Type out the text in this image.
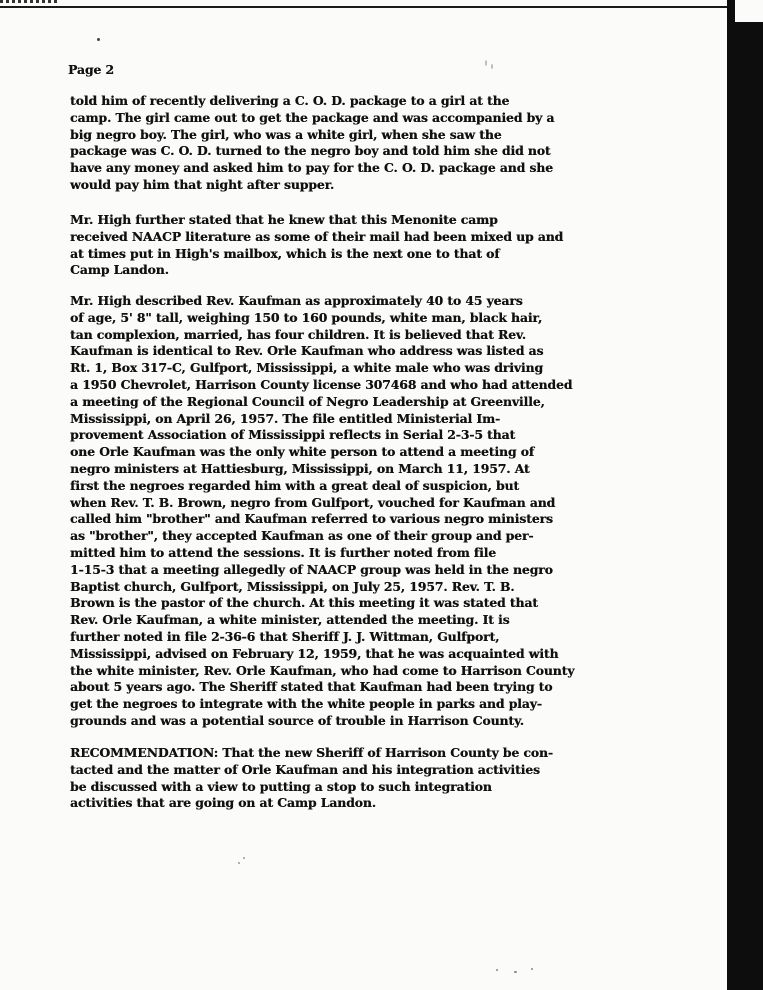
Page 2

told him of recently delivering a C. O. D. package to a girl at the
camp. The girl came out to get the package and was accompanied by a
big negro boy. The girl, who was a white girl, when she saw the
package was C. O. D. turned to the negro boy and told him she did not
have any money and asked him to pay for the C. O. D. package and she
would pay him that night after supper.

Mr. High further stated that he knew that this Menonite camp
received NAACP literature as some of their mail had been mixed up and
at times put in High's mailbox, which is the next one to that of
Camp Landon.

Mr. High described Rev. Kaufman as approximately 40 to 45 years
of age, 5' 8" tall, weighing 150 to 160 pounds, white man, black hair,
tan complexion, married, has four children. It is believed that Rev.
Kaufman is identical to Rev. Orle Kaufman who address was listed as
Rt. 1, Box 317-C, Gulfport, Mississippi, a white male who was driving
a 1950 Chevrolet, Harrison County license 307468 and who had attended
a meeting of the Regional Council of Negro Leadership at Greenville,
Mississippi, on April 26, 1957. The file entitled Ministerial Im-
provement Association of Mississippi reflects in Serial 2-3-5 that
one Orle Kaufman was the only white person to attend a meeting of
negro ministers at Hattiesburg, Mississippi, on March 11, 1957. At
first the negroes regarded him with a great deal of suspicion, but
when Rev. T. B. Brown, negro from Gulfport, vouched for Kaufman and
called him "brother" and Kaufman referred to various negro ministers
as "brother", they accepted Kaufman as one of their group and per-
mitted him to attend the sessions. It is further noted from file
1-15-3 that a meeting allegedly of NAACP group was held in the negro
Baptist church, Gulfport, Mississippi, on July 25, 1957. Rev. T. B.
Brown is the pastor of the church. At this meeting it was stated that
Rev. Orle Kaufman, a white minister, attended the meeting. It is
further noted in file 2-36-6 that Sheriff J. J. Wittman, Gulfport,
Mississippi, advised on February 12, 1959, that he was acquainted with
the white minister, Rev. Orle Kaufman, who had come to Harrison County
about 5 years ago. The Sheriff stated that Kaufman had been trying to
get the negroes to integrate with the white people in parks and play-
grounds and was a potential source of trouble in Harrison County.

RECOMMENDATION: That the new Sheriff of Harrison County be con-
tacted and the matter of Orle Kaufman and his integration activities
be discussed with a view to putting a stop to such integration
activities that are going on at Camp Landon.
